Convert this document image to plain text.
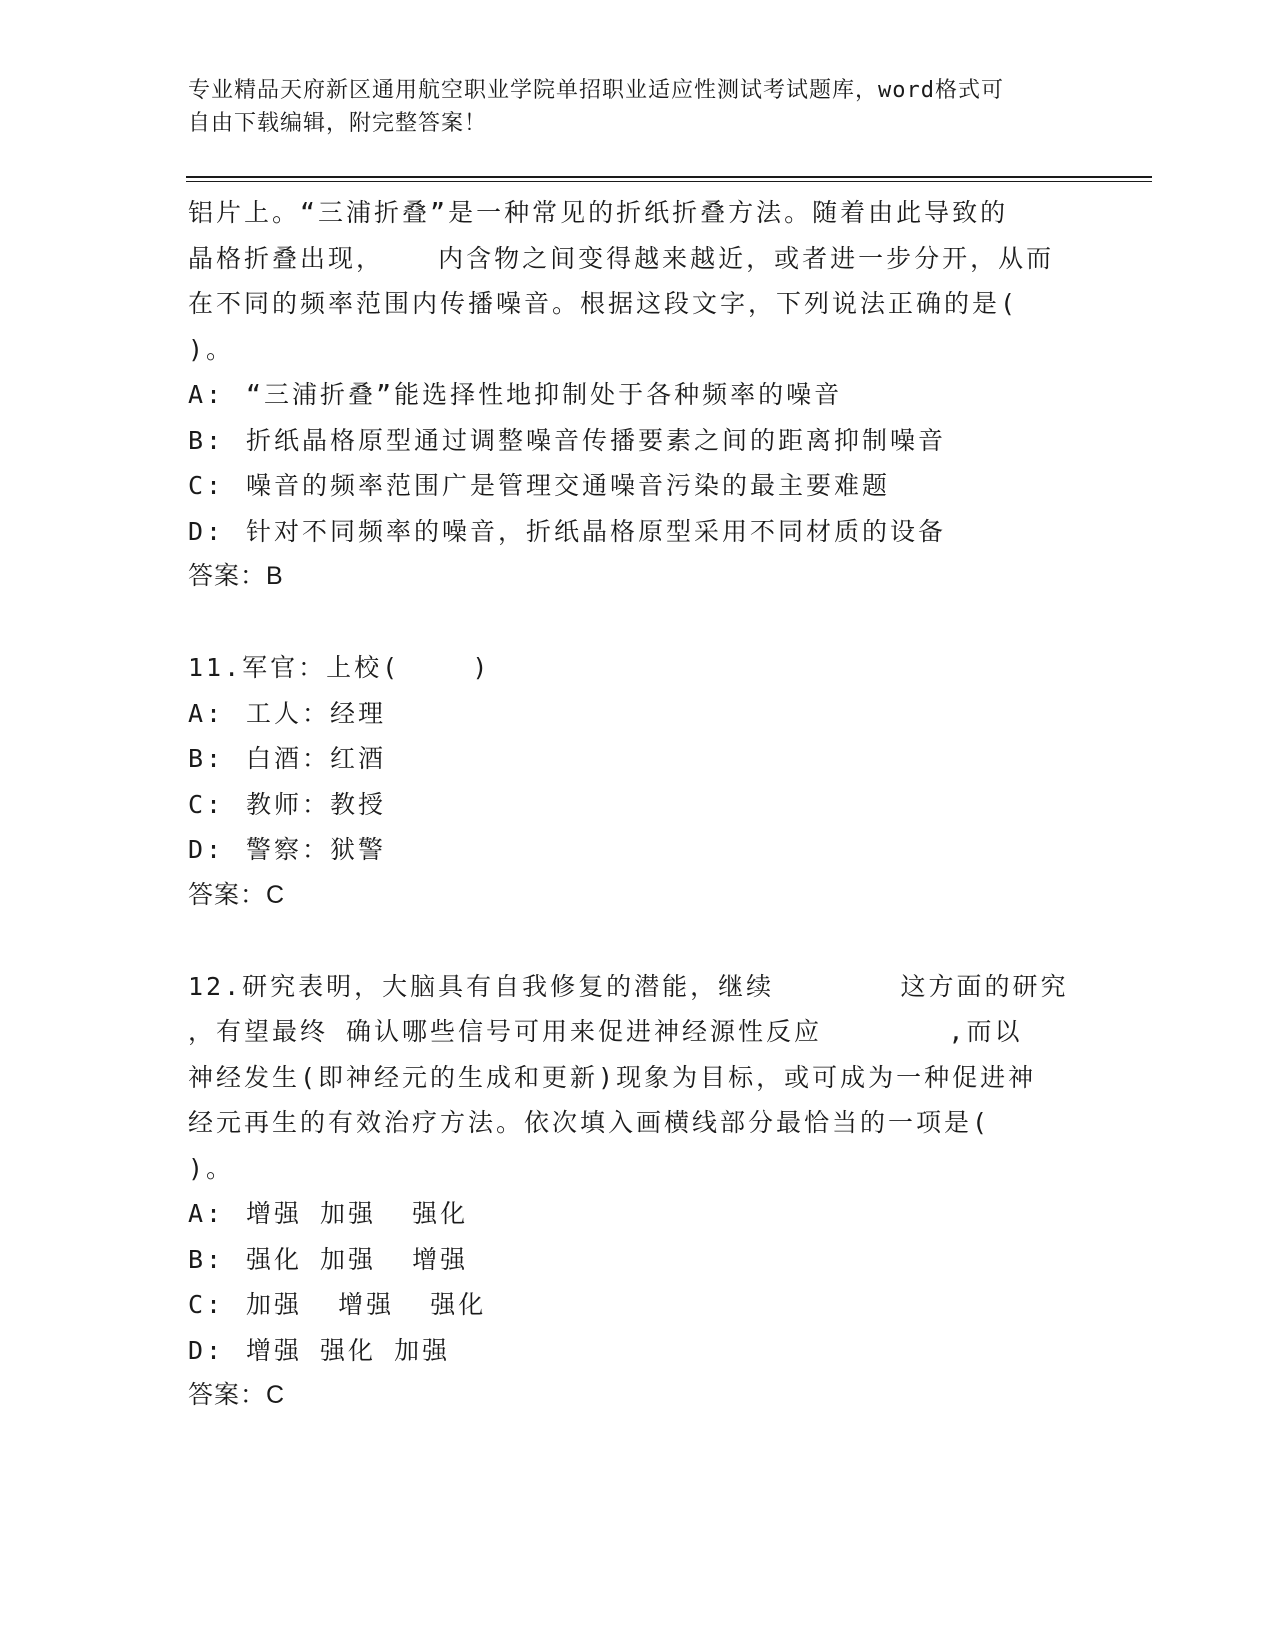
专业精品天府新区通用航空职业学院单招职业适应性测试考试题库，word格式可
自由下载编辑，附完整答案！
铝片上。“三浦折叠”是一种常见的折纸折叠方法。随着由此导致的
晶格折叠出现，   内含物之间变得越来越近，或者进一步分开，从而
在不同的频率范围内传播噪音。根据这段文字，下列说法正确的是(
)。
A: “三浦折叠”能选择性地抑制处于各种频率的噪音
B: 折纸晶格原型通过调整噪音传播要素之间的距离抑制噪音
C: 噪音的频率范围广是管理交通噪音污染的最主要难题
D: 针对不同频率的噪音，折纸晶格原型采用不同材质的设备
答案：B
11.军官：上校(    )
A: 工人：经理
B: 白酒：红酒
C: 教师：教授
D: 警察：狱警
答案：C
12.研究表明，大脑具有自我修复的潜能，继续       这方面的研究
，有望最终 确认哪些信号可用来促进神经源性反应       ,而以
神经发生(即神经元的生成和更新)现象为目标，或可成为一种促进神
经元再生的有效治疗方法。依次填入画横线部分最恰当的一项是(
)。
A: 增强 加强  强化
B: 强化 加强  增强
C: 加强  增强  强化
D: 增强 强化 加强
答案：C
